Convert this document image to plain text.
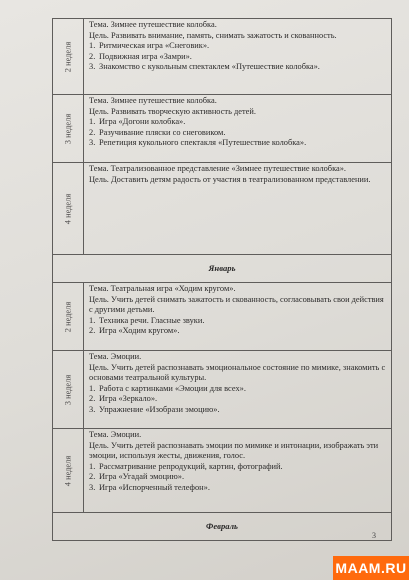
2 неделя

Тема. Зимнее путешествие колобка.

Цель. Развивать внимание, память, снимать зажатость и скованность.

1. Ритмическая игра «Снеговик».
2. Подвижная игра «Замри».
3. Знакомство с кукольным спектаклем «Путешествие колобка».
3 неделя

Тема. Зимнее путешествие колобка.

Цель. Развивать творческую активность детей.

1. Игра «Догони колобка».
2. Разучивание пляски со снеговиком.
3. Репетиция кукольного спектакля «Путешествие колобка».
4 неделя

Тема. Театрализованное представление «Зимнее путешествие колобка».

Цель. Доставить детям радость от участия в театрализованном представлении.

Январь
2 неделя

Тема. Театральная игра «Ходим кругом».

Цель. Учить детей снимать зажатость и скованность, согласовывать свои действия с другими детьми.

1. Техника речи. Гласные звуки.
2. Игра «Ходим кругом».
3 неделя

Тема. Эмоции.

Цель. Учить детей распознавать эмоциональное состояние по мимике, знакомить с основами театральной культуры.

1. Работа с картинками «Эмоции для всех».
2. Игра «Зеркало».
3. Упражнение «Изобрази эмоцию».
4 неделя

Тема. Эмоции.

Цель. Учить детей распознавать эмоции по мимике и интонации, изображать эти эмоции, используя жесты, движения, голос.

1. Рассматривание репродукций, картин, фотографий.
2. Игра «Угадай эмоцию».
3. Игра «Испорченный телефон».
Февраль
3
MAAM.RU
